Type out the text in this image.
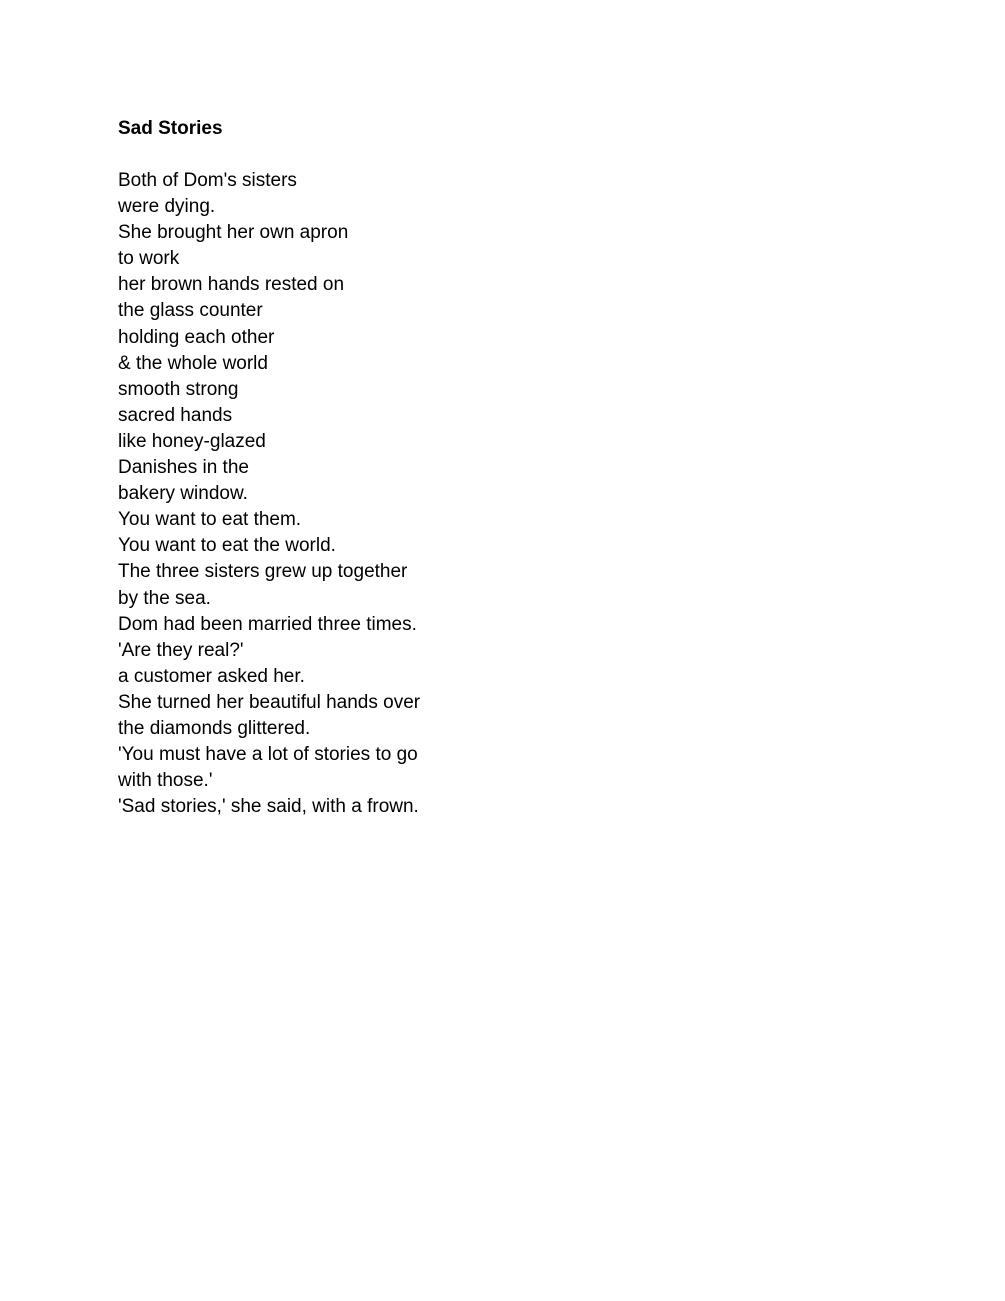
Sad Stories
Both of Dom's sisters
were dying.
She brought her own apron
to work
her brown hands rested on
the glass counter
holding each other
& the whole world
smooth strong
sacred hands
like honey-glazed
Danishes in the
bakery window.
You want to eat them.
You want to eat the world.
The three sisters grew up together
by the sea.
Dom had been married three times.
'Are they real?'
a customer asked her.
She turned her beautiful hands over
the diamonds glittered.
'You must have a lot of stories to go
with those.'
'Sad stories,' she said, with a frown.
